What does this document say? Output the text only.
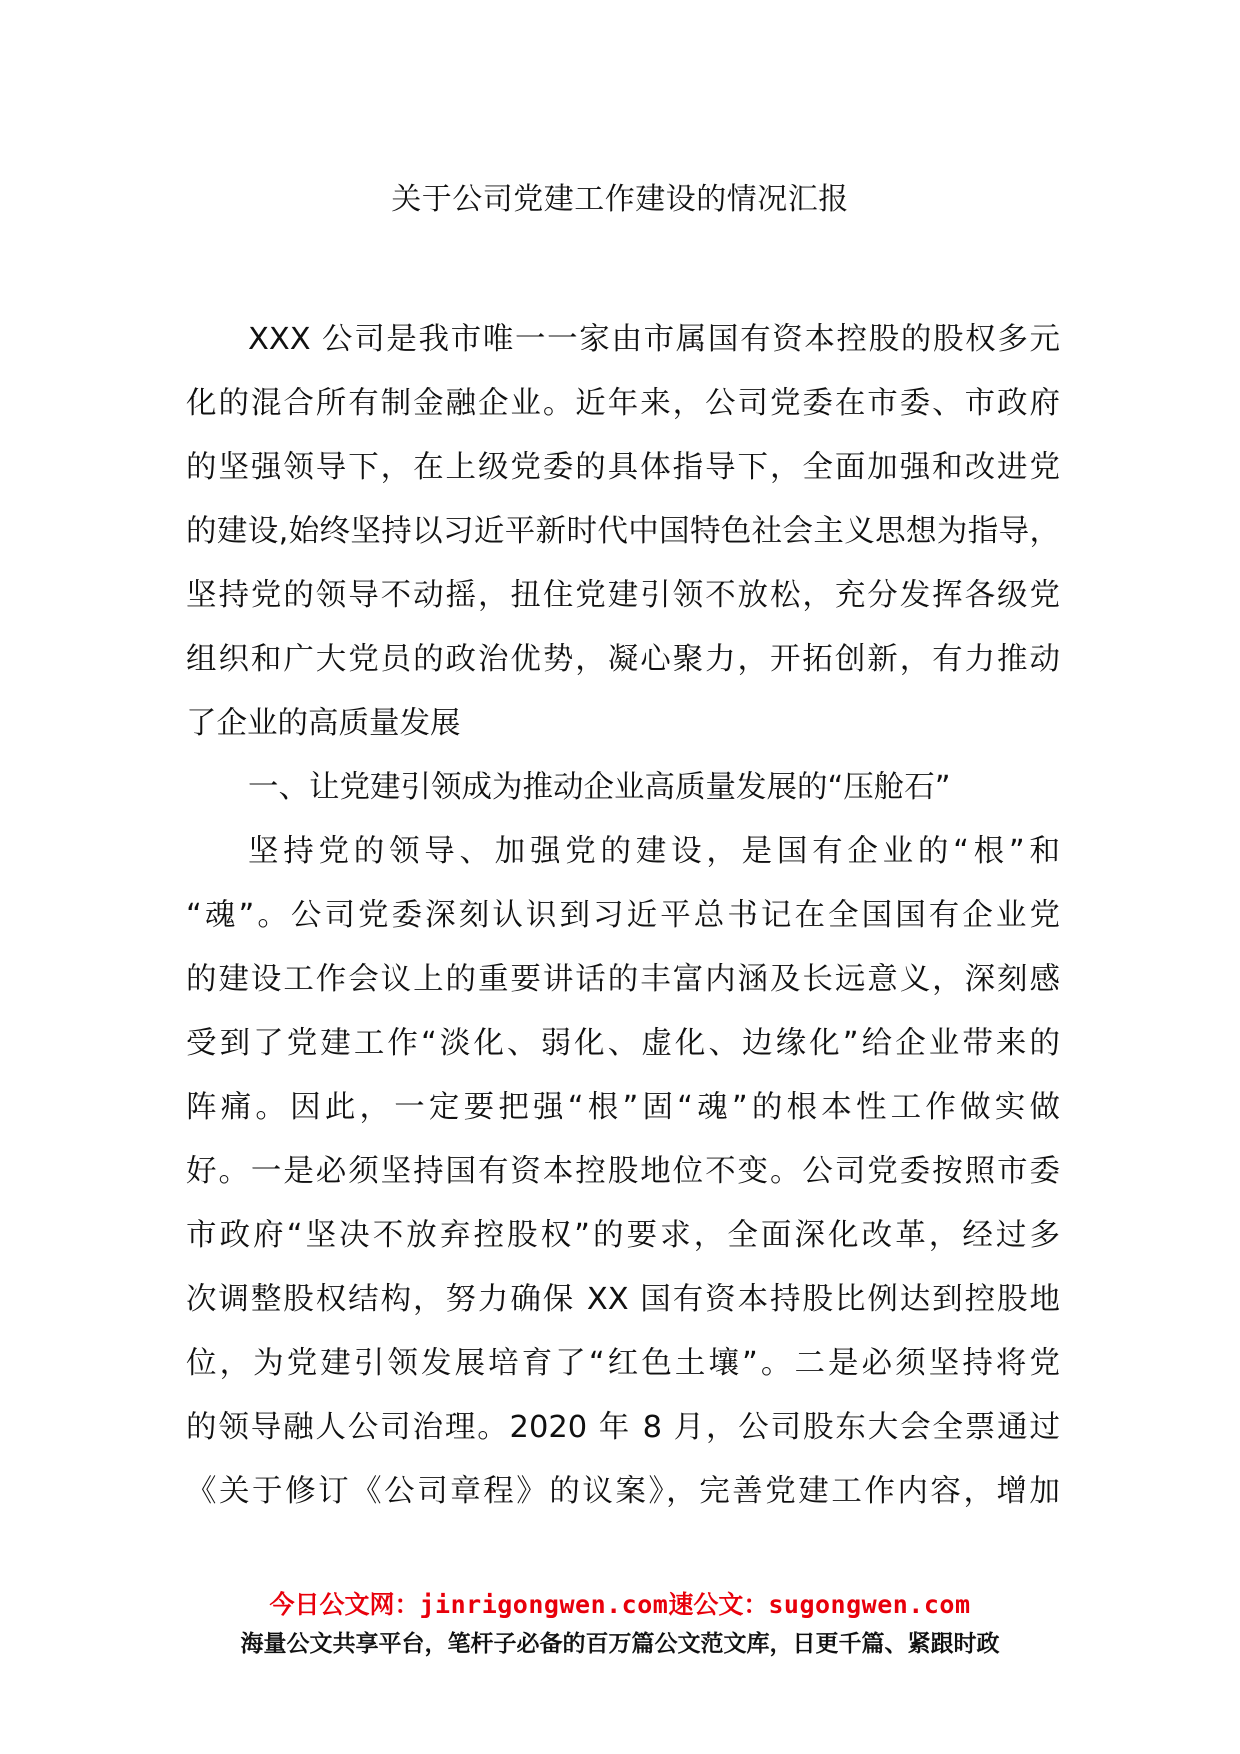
关于公司党建工作建设的情况汇报
XXX 公司是我市唯一一家由市属国有资本控股的股权多元
化的混合所有制金融企业。近年来，公司党委在市委、市政府
的坚强领导下，在上级党委的具体指导下，全面加强和改进党
的建设,始终坚持以习近平新时代中国特色社会主义思想为指导，
坚持党的领导不动摇，扭住党建引领不放松，充分发挥各级党
组织和广大党员的政治优势，凝心聚力，开拓创新，有力推动
了企业的高质量发展
一、让党建引领成为推动企业高质量发展的“压舱石”
坚持党的领导、加强党的建设，是国有企业的“根”和
“魂”。公司党委深刻认识到习近平总书记在全国国有企业党
的建设工作会议上的重要讲话的丰富内涵及长远意义，深刻感
受到了党建工作“淡化、弱化、虚化、边缘化”给企业带来的
阵痛。因此，一定要把强“根”固“魂”的根本性工作做实做
好。一是必须坚持国有资本控股地位不变。公司党委按照市委
市政府“坚决不放弃控股权”的要求，全面深化改革，经过多
次调整股权结构，努力确保 XX 国有资本持股比例达到控股地
位，为党建引领发展培育了“红色土壤”。二是必须坚持将党
的领导融人公司治理。2020 年 8 月，公司股东大会全票通过
《关于修订《公司章程》的议案》，完善党建工作内容，增加
今日公文网：jinrigongwen.com速公文：sugongwen.com
海量公文共享平台，笔杆子必备的百万篇公文范文库，日更千篇、紧跟时政
